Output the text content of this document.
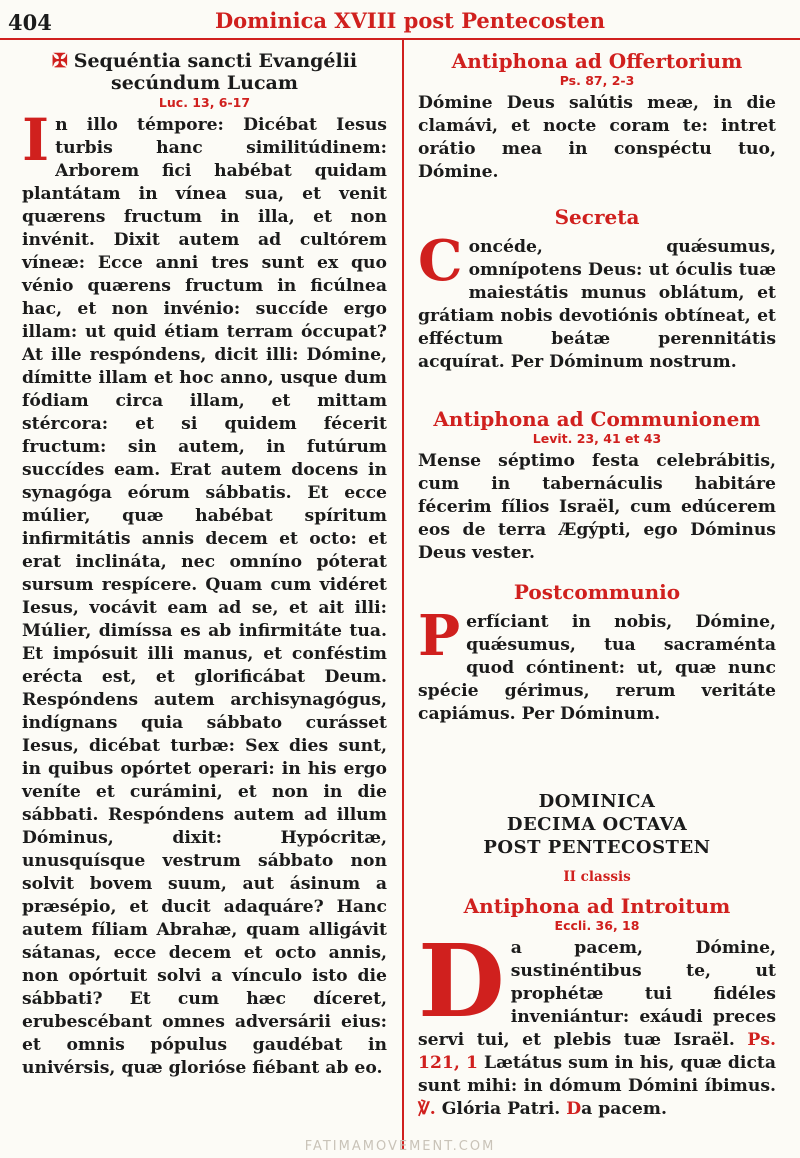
404	Dominica XVIII post Pentecosten
✠ Sequéntia sancti Evangélii
secúndum Lucam
Luc. 13, 6-17

In illo témpore: Dicébat Iesus turbis hanc similitúdinem: Arborem fici habébat quidam plantátam in vínea sua, et venit quærens fructum in illa, et non invénit. Dixit autem ad cultórem víneæ: Ecce anni tres sunt ex quo vénio quærens fructum in ficúlnea hac, et non invénio: succíde ergo illam: ut quid étiam terram óccupat? At ille respóndens, dicit illi: Dómine, dímitte illam et hoc anno, usque dum fódiam circa illam, et mittam stércora: et si quidem fécerit fructum: sin autem, in futúrum succídes eam. Erat autem docens in synagóga eórum sábbatis. Et ecce múlier, quæ habébat spíritum infirmitátis annis decem et octo: et erat inclináta, nec omníno póterat sursum respícere. Quam cum vidéret Iesus, vocávit eam ad se, et ait illi: Múlier, dimíssa es ab infirmitáte tua. Et impósuit illi manus, et conféstim erécta est, et glorificábat Deum. Respóndens autem archisynagógus, indígnans quia sábbato curásset Iesus, dicébat turbæ: Sex dies sunt, in quibus opórtet operari: in his ergo veníte et curámini, et non in die sábbati. Respóndens autem ad illum Dóminus, dixit: Hypócritæ, unusquísque vestrum sábbato non solvit bovem suum, aut ásinum a præsépio, et ducit adaquáre? Hanc autem fíliam Abrahæ, quam alligávit sátanas, ecce decem et octo annis, non opórtuit solvi a vínculo isto die sábbati? Et cum hæc díceret, erubescébant omnes adversárii eius: et omnis pópulus gaudébat in univérsis, quæ glorióse fiébant ab eo.

Antiphona ad Offertorium
Ps. 87, 2-3

Dómine Deus salútis meæ, in die clamávi, et nocte coram te: intret orátio mea in conspéctu tuo, Dómine.

Secreta

Concéde, quǽsumus, omnípotens Deus: ut óculis tuæ maiestátis munus oblátum, et grátiam nobis devotiónis obtíneat, et efféctum beátæ perennitátis acquírat. Per Dóminum nostrum.

Antiphona ad Communionem
Levit. 23, 41 et 43

Mense séptimo festa celebrábitis, cum in tabernáculis habitáre fécerim fílios Israël, cum edúcerem eos de terra Ægýpti, ego Dóminus Deus vester.

Postcommunio

Perfíciant in nobis, Dómine, quǽsumus, tua sacraménta quod cóntinent: ut, quæ nunc spécie gérimus, rerum veritáte capiámus. Per Dóminum.

DOMINICA
DECIMA OCTAVA
POST PENTECOSTEN
II classis
Antiphona ad Introitum
Eccli. 36, 18

Da pacem, Dómine, sustinéntibus te, ut prophétæ tui fidéles inveniántur: exáudi preces servi tui, et plebis tuæ Israël. Ps. 121, 1 Lætátus sum in his, quæ dicta sunt mihi: in dómum Dómini íbimus. ℣. Glória Patri. Da pacem.

FATIMAMOVEMENT.COM
